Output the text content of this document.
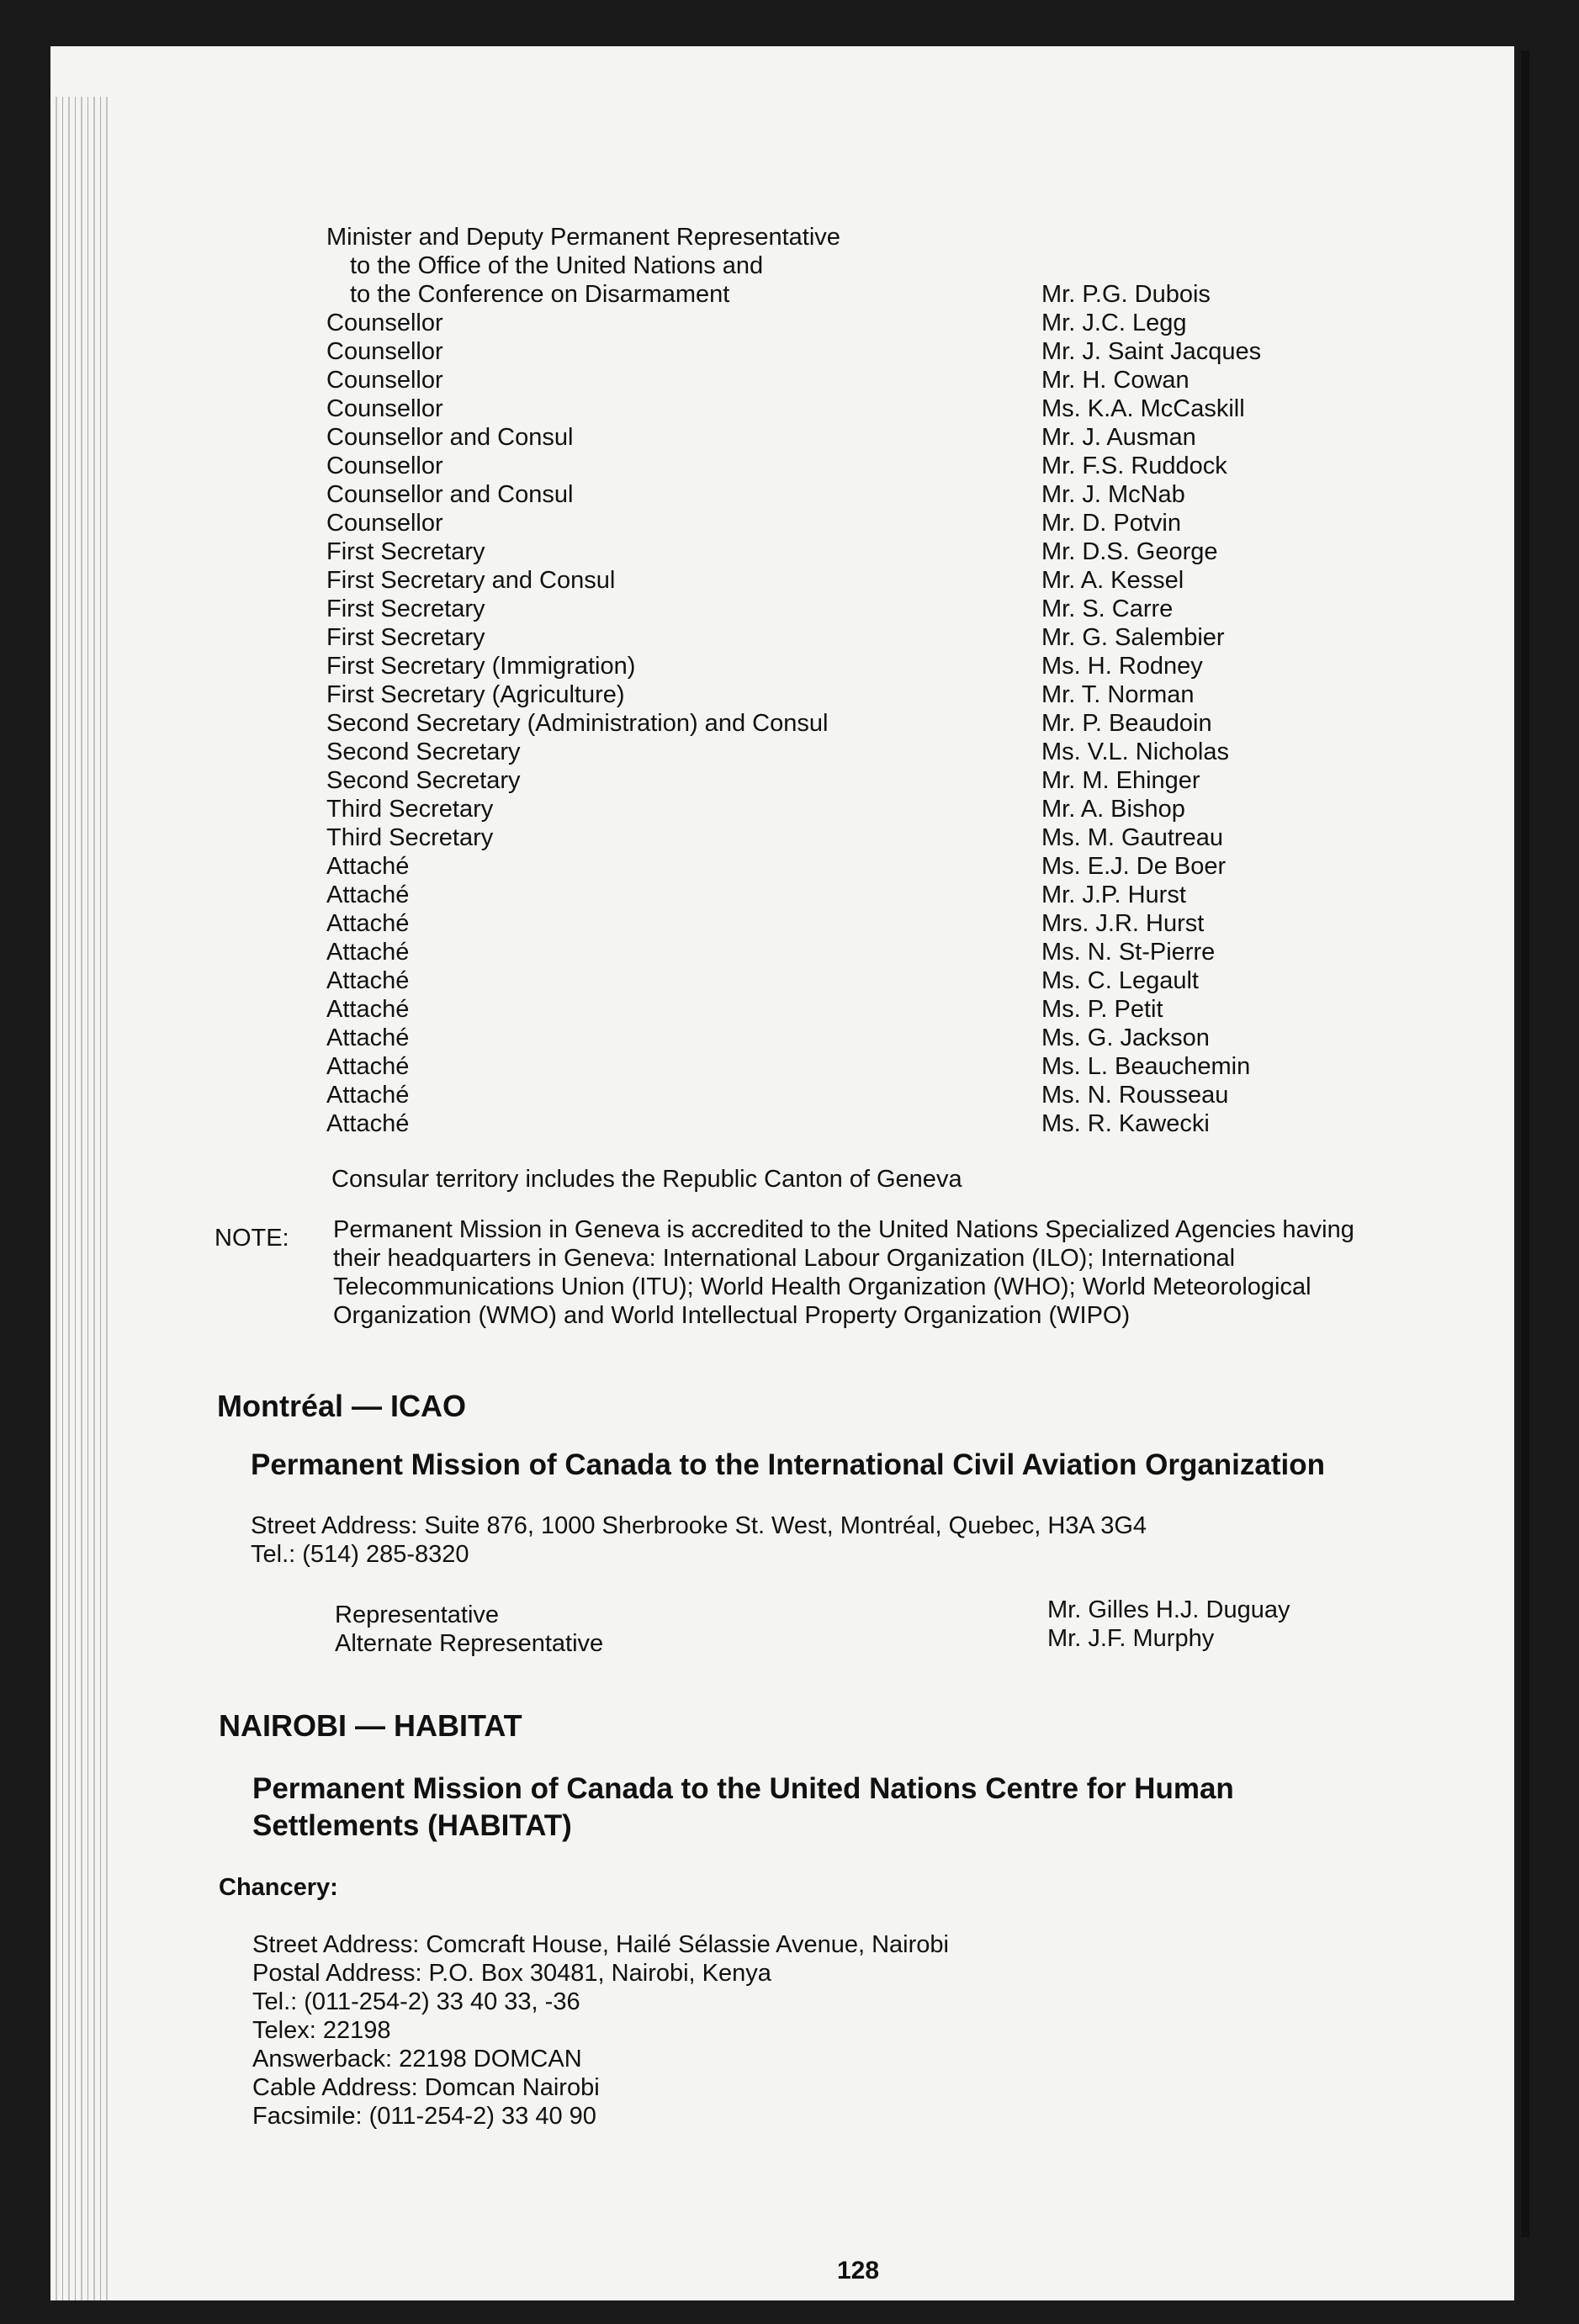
Minister and Deputy Permanent Representative
to the Office of the United Nations and
to the Conference on Disarmament	Mr. P.G. Dubois
Counsellor	Mr. J.C. Legg
Counsellor	Mr. J. Saint Jacques
Counsellor	Mr. H. Cowan
Counsellor	Ms. K.A. McCaskill
Counsellor and Consul	Mr. J. Ausman
Counsellor	Mr. F.S. Ruddock
Counsellor and Consul	Mr. J. McNab
Counsellor	Mr. D. Potvin
First Secretary	Mr. D.S. George
First Secretary and Consul	Mr. A. Kessel
First Secretary	Mr. S. Carre
First Secretary	Mr. G. Salembier
First Secretary (Immigration)	Ms. H. Rodney
First Secretary (Agriculture)	Mr. T. Norman
Second Secretary (Administration) and Consul	Mr. P. Beaudoin
Second Secretary	Ms. V.L. Nicholas
Second Secretary	Mr. M. Ehinger
Third Secretary	Mr. A. Bishop
Third Secretary	Ms. M. Gautreau
Attaché	Ms. E.J. De Boer
Attaché	Mr. J.P. Hurst
Attaché	Mrs. J.R. Hurst
Attaché	Ms. N. St-Pierre
Attaché	Ms. C. Legault
Attaché	Ms. P. Petit
Attaché	Ms. G. Jackson
Attaché	Ms. L. Beauchemin
Attaché	Ms. N. Rousseau
Attaché	Ms. R. Kawecki
Consular territory includes the Republic Canton of Geneva
NOTE: Permanent Mission in Geneva is accredited to the United Nations Specialized Agencies having
their headquarters in Geneva: International Labour Organization (ILO); International
Telecommunications Union (ITU); World Health Organization (WHO); World Meteorological
Organization (WMO) and World Intellectual Property Organization (WIPO)
Montréal — ICAO
Permanent Mission of Canada to the International Civil Aviation Organization
Street Address: Suite 876, 1000 Sherbrooke St. West, Montréal, Quebec, H3A 3G4
Tel.: (514) 285-8320
Representative	Mr. Gilles H.J. Duguay
Alternate Representative	Mr. J.F. Murphy
NAIROBI — HABITAT
Permanent Mission of Canada to the United Nations Centre for Human
Settlements (HABITAT)
Chancery:
Street Address: Comcraft House, Hailé Sélassie Avenue, Nairobi
Postal Address: P.O. Box 30481, Nairobi, Kenya
Tel.: (011-254-2) 33 40 33, -36
Telex: 22198
Answerback: 22198 DOMCAN
Cable Address: Domcan Nairobi
Facsimile: (011-254-2) 33 40 90
128
